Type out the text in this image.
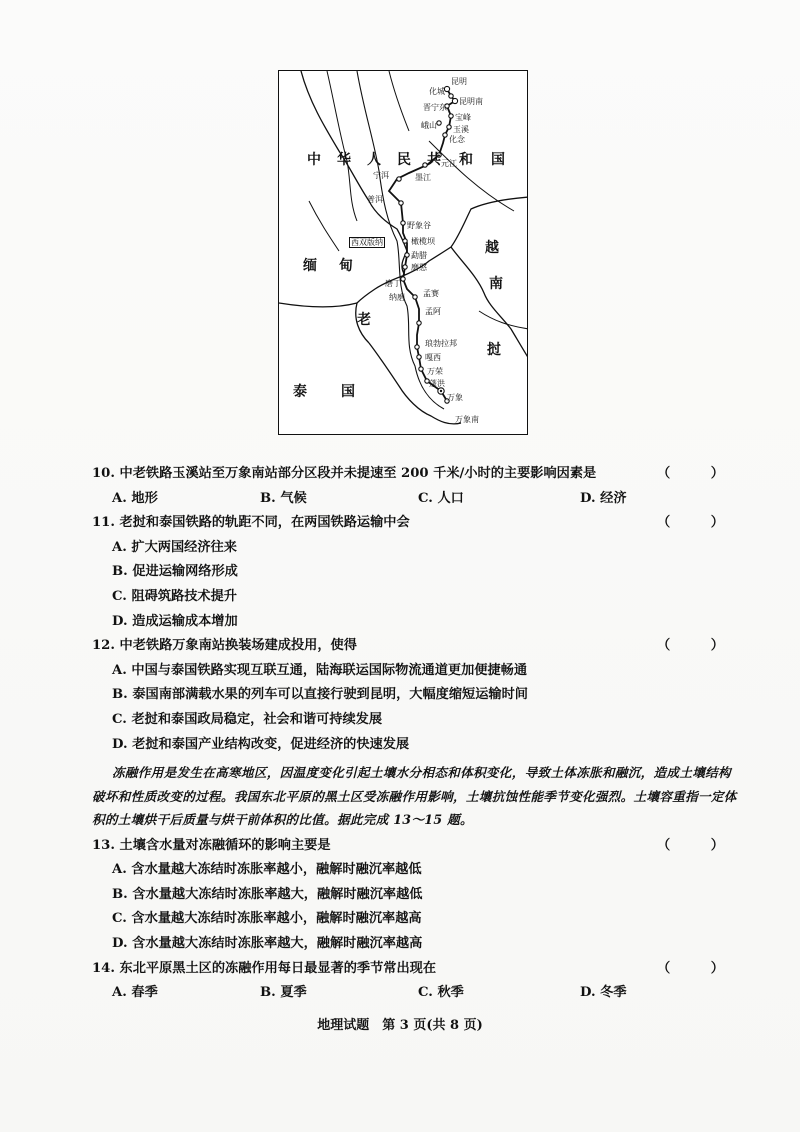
中 华 人 民 共 和 国
缅 甸
老
挝
越
南
泰 国
昆明
化城
昆明南
晋宁东
宝峰
峨山 玉溪
化念
元江
宁洱	墨江
普洱
野象谷
西双版纳	橄榄坝
勐腊
磨憨
磨丁
纳磨 孟赛
孟阿
琅勃拉邦
嘎西
万荣
蓬洪
万象
万象南
10. 中老铁路玉溪站至万象南站部分区段并未提速至 200 千米/小时的主要影响因素是	（ ）
A. 地形	B. 气候	C. 人口	D. 经济
11. 老挝和泰国铁路的轨距不同，在两国铁路运输中会	（ ）
A. 扩大两国经济往来
B. 促进运输网络形成
C. 阻碍筑路技术提升
D. 造成运输成本增加
12. 中老铁路万象南站换装场建成投用，使得	（ ）
A. 中国与泰国铁路实现互联互通，陆海联运国际物流通道更加便捷畅通
B. 泰国南部满载水果的列车可以直接行驶到昆明，大幅度缩短运输时间
C. 老挝和泰国政局稳定，社会和谐可持续发展
D. 老挝和泰国产业结构改变，促进经济的快速发展
冻融作用是发生在高寒地区，因温度变化引起土壤水分相态和体积变化，导致土体冻胀和融沉，造成土壤结构破坏和性质改变的过程。我国东北平原的黑土区受冻融作用影响，土壤抗蚀性能季节变化强烈。土壤容重指一定体积的土壤烘干后质量与烘干前体积的比值。据此完成 13～15 题。
13. 土壤含水量对冻融循环的影响主要是	（ ）
A. 含水量越大冻结时冻胀率越小，融解时融沉率越低
B. 含水量越大冻结时冻胀率越大，融解时融沉率越低
C. 含水量越大冻结时冻胀率越小，融解时融沉率越高
D. 含水量越大冻结时冻胀率越大，融解时融沉率越高
14. 东北平原黑土区的冻融作用每日最显著的季节常出现在	（ ）
A. 春季	B. 夏季	C. 秋季	D. 冬季
地理试题　第 3 页(共 8 页)
